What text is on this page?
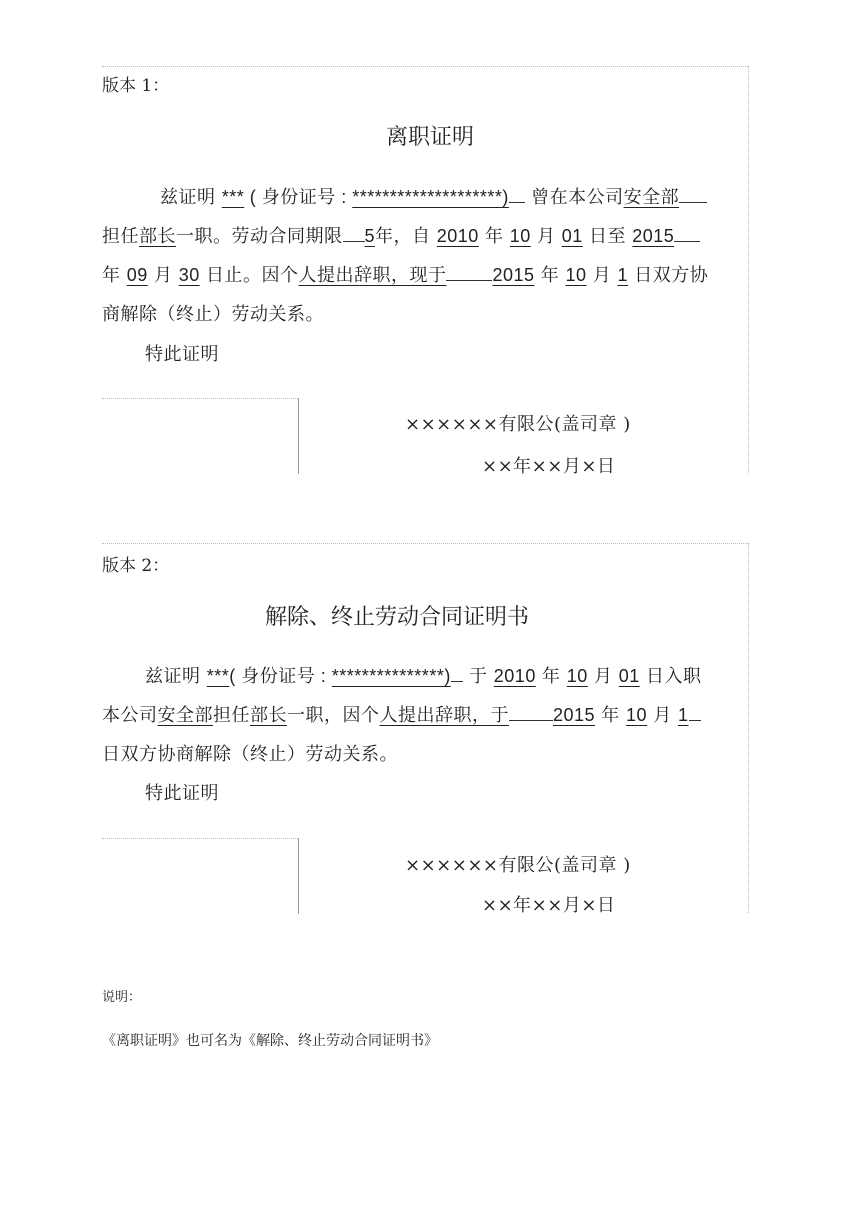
版本 1：
离职证明
兹证明 *** ( 身份证号 : ********************) 曾在本公司安全部
担任部长一职。劳动合同期限 5年，自 2010 年 10 月 01 日至 2015
年 09 月 30 日止。因个人提出辞职，现于	2015 年 10 月 1 日双方协
商解除（终止）劳动关系。
特此证明
××××××有限公(盖司章 )
××年××月×日
版本 2：
解除、终止劳动合同证明书
兹证明 ***( 身份证号 : ***************) 于 2010 年 10 月 01 日入职
本公司安全部担任部长一职，因个人提出辞职，于 2015 年 10 月 1
日双方协商解除（终止）劳动关系。
特此证明
××××××有限公(盖司章 )
××年××月×日
说明：
《离职证明》也可名为《解除、终止劳动合同证明书》
